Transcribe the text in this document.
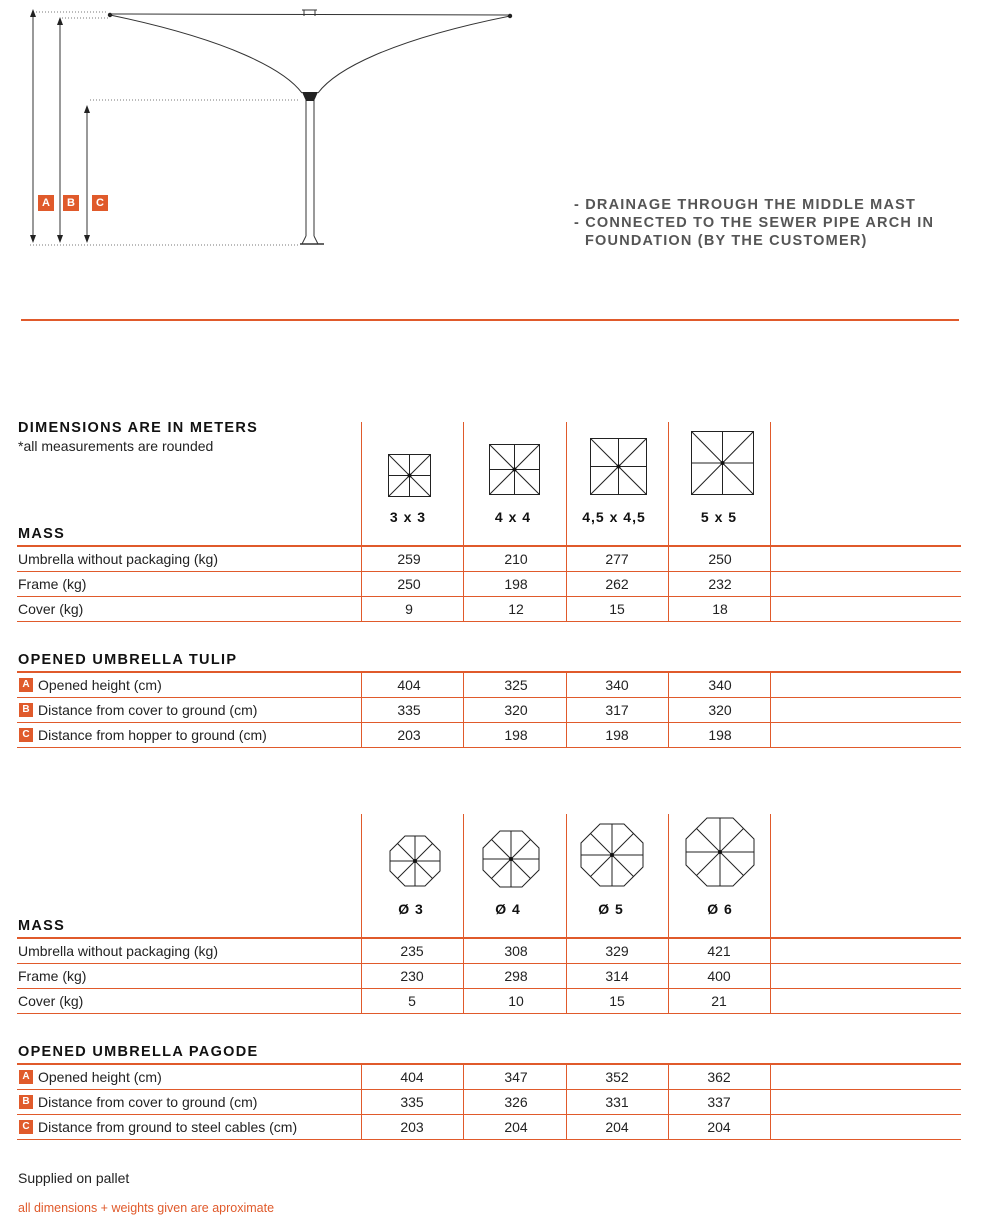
A	B	C	- DRAINAGE THROUGH THE MIDDLE MAST
- CONNECTED TO THE SEWER PIPE ARCH IN
FOUNDATION (BY THE CUSTOMER)
DIMENSIONS ARE IN METERS
*all measurements are rounded
3 x 3	4 x 4	4,5 x 4,5	5 x 5
MASS
Umbrella without packaging (kg)	259	210	277	250
Frame (kg)	250	198	262	232
Cover (kg)	9	12	15	18
OPENED UMBRELLA TULIP
A Opened height (cm)	404	325	340	340
B Distance from cover to ground (cm)	335	320	317	320
C Distance from hopper to ground (cm)	203	198	198	198
Ø 3	Ø 4	Ø 5	Ø 6
MASS
Umbrella without packaging (kg)	235	308	329	421
Frame (kg)	230	298	314	400
Cover (kg)	5	10	15	21
OPENED UMBRELLA PAGODE
A Opened height (cm)	404	347	352	362
B Distance from cover to ground (cm)	335	326	331	337
C Distance from ground to steel cables (cm)	203	204	204	204
Supplied on pallet
all dimensions + weights given are aproximate
